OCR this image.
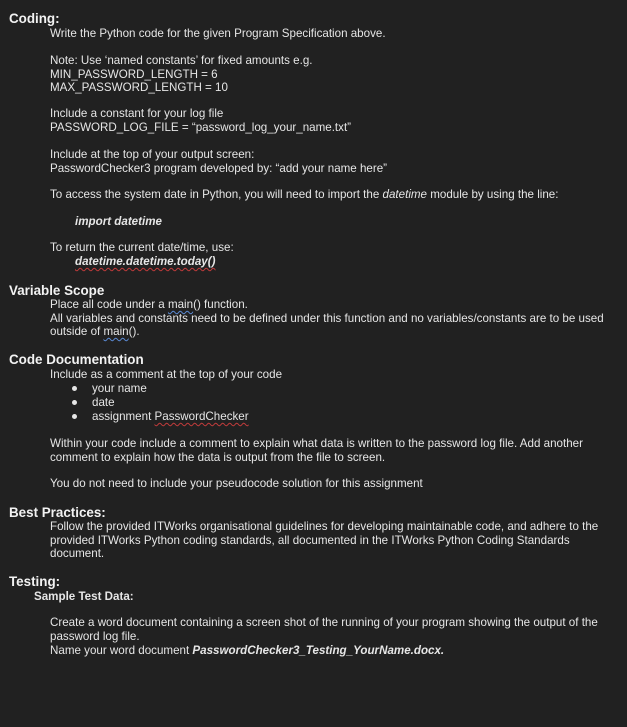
Coding:
Write the Python code for the given Program Specification above.
Note: Use ‘named constants’ for fixed amounts e.g.
MIN_PASSWORD_LENGTH = 6
MAX_PASSWORD_LENGTH = 10
Include a constant for your log file
PASSWORD_LOG_FILE = “password_log_your_name.txt”
Include at the top of your output screen:
PasswordChecker3 program developed by: “add your name here”
To access the system date in Python, you will need to import the datetime module by using the line:
import datetime
To return the current date/time, use:
datetime.datetime.today()
Variable Scope
Place all code under a main() function.
All variables and constants need to be defined under this function and no variables/constants are to be used
outside of main().
Code Documentation
Include as a comment at the top of your code
your name
date
assignment PasswordChecker
Within your code include a comment to explain what data is written to the password log file. Add another comment to explain how the data is output from the file to screen.
You do not need to include your pseudocode solution for this assignment
Best Practices:
Follow the provided ITWorks organisational guidelines for developing maintainable code, and adhere to the provided ITWorks Python coding standards, all documented in the ITWorks Python Coding Standards document.
Testing:
Sample Test Data:
Create a word document containing a screen shot of the running of your program showing the output of the password log file.
Name your word document PasswordChecker3_Testing_YourName.docx.
